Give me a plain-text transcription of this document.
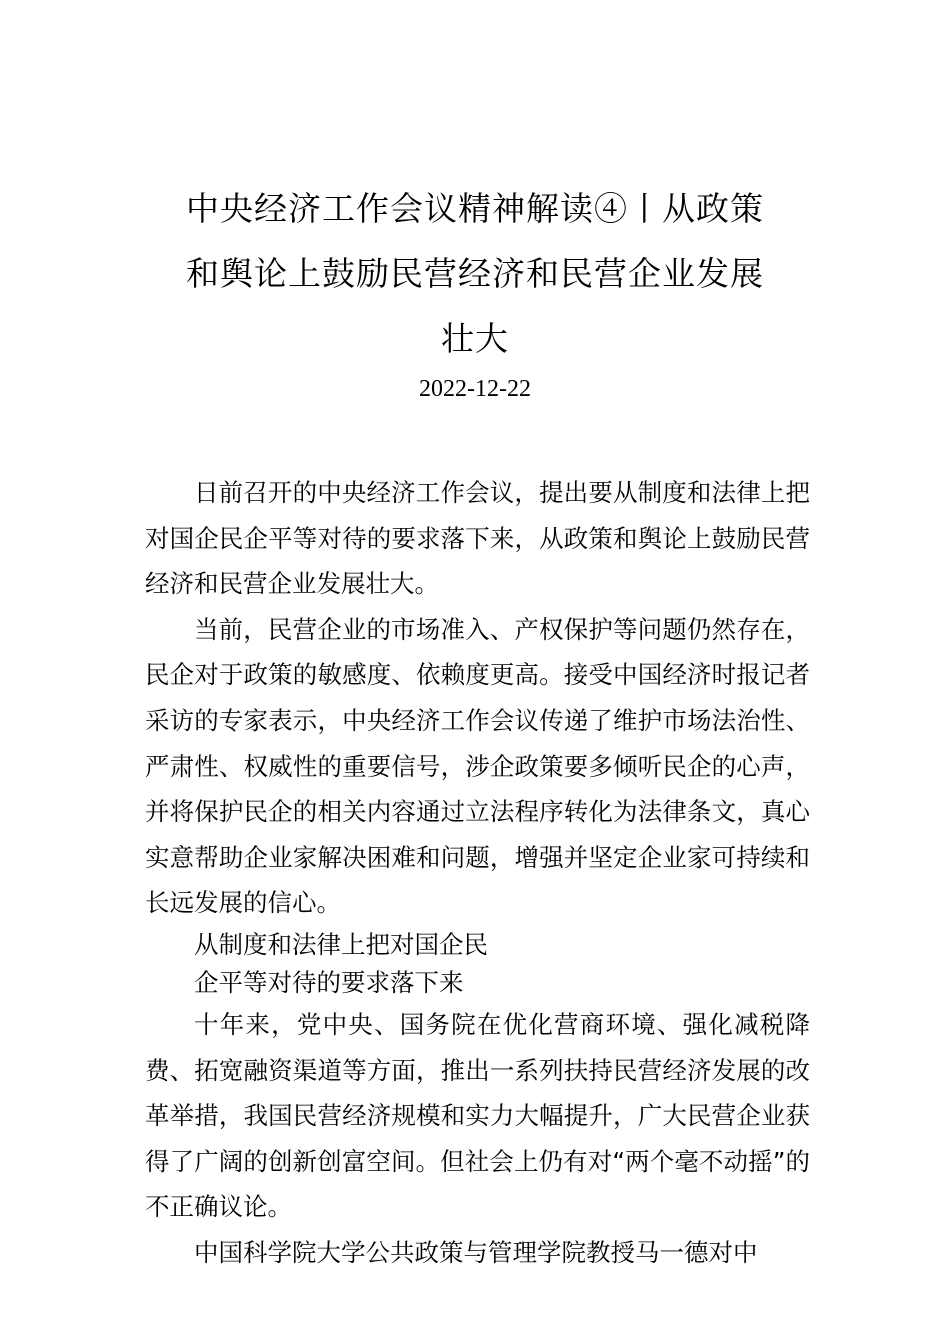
中央经济工作会议精神解读④丨从政策
和舆论上鼓励民营经济和民营企业发展
壮大
2022-12-22

日前召开的中央经济工作会议，提出要从制度和法律上把对国企民企平等对待的要求落下来，从政策和舆论上鼓励民营经济和民营企业发展壮大。

当前，民营企业的市场准入、产权保护等问题仍然存在，民企对于政策的敏感度、依赖度更高。接受中国经济时报记者采访的专家表示，中央经济工作会议传递了维护市场法治性、严肃性、权威性的重要信号，涉企政策要多倾听民企的心声，并将保护民企的相关内容通过立法程序转化为法律条文，真心实意帮助企业家解决困难和问题，增强并坚定企业家可持续和长远发展的信心。

从制度和法律上把对国企民
企平等对待的要求落下来

十年来，党中央、国务院在优化营商环境、强化减税降费、拓宽融资渠道等方面，推出一系列扶持民营经济发展的改革举措，我国民营经济规模和实力大幅提升，广大民营企业获得了广阔的创新创富空间。但社会上仍有对“两个毫不动摇”的不正确议论。

中国科学院大学公共政策与管理学院教授马一德对中
